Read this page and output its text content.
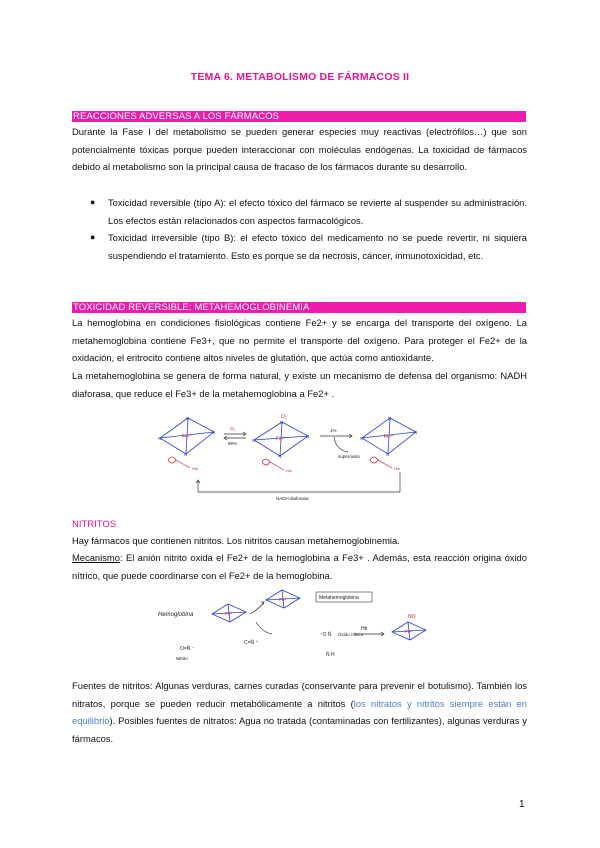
TEMA 6. METABOLISMO DE FÁRMACOS II
REACCIONES ADVERSAS A LOS FÁRMACOS
Durante la Fase I del metabolismo se pueden generar especies muy reactivas (electrófilos…) que son potencialmente tóxicas porque pueden interaccionar con moléculas endógenas. La toxicidad de fármacos debido al metabolismo son la principal causa de fracaso de los fármacos durante su desarrollo.
● Toxicidad reversible (tipo A): el efecto tóxico del fármaco se revierte al suspender su administración. Los efectos están relacionados con aspectos farmacológicos.
● Toxicidad irreversible (tipo B): el efecto tóxico del medicamento no se puede revertir, ni siquiera suspendiendo el tratamiento. Esto es porque se da necrosis, cáncer, inmunotoxicidad, etc.
TOXICIDAD REVERSIBLE: METAHEMOGLOBINEMIA
La hemoglobina en condiciones fisiológicas contiene Fe2+ y se encarga del transporte del oxígeno. La metahemoglobina contiene Fe3+, que no permite el transporte del oxígeno. Para proteger el Fe2+ de la oxidación, el eritrocito contiene altos niveles de glutatión, que actúa como antioxidante.
La metahemoglobina se genera de forma natural, y existe un mecanismo de defensa del organismo: NADH diaforasa, que reduce el Fe3+ de la metahemoglobina a Fe2+ .
N
N
N
N
N
N
N
N
N
N
N
N
Fe²⁺	Fe²⁺	Fe³⁺
O₂
O₂
98%
1%
superóxido
His	His	His
NADH diaforasa
NITRITOS
Hay fármacos que contienen nitritos. Los nitritos causan metahemoglobinemia.
Mecanismo: El anión nitrito oxida el Fe2+ de la hemoglobina a Fe3+ . Además, esta reacción origina óxido nítrico, que puede coordinarse con el Fe2+ de la hemoglobina.
Hemoglobina	Fe²⁺
Fe³⁺
Fe²⁺
Metahemoglobina
O=N̈ ⁻
C=N̈ ⁺
⁺O N̈
N̈ H
Hb
NO
Nitrito
Óxido nítrico
Fuentes de nitritos: Algunas verduras, carnes curadas (conservante para prevenir el botulismo). También los nitratos, porque se pueden reducir metabólicamente a nitritos (los nitratos y nitritos siempre están en equilibrio). Posibles fuentes de nitratos: Agua no tratada (contaminadas con fertilizantes), algunas verduras y fármacos.
1
